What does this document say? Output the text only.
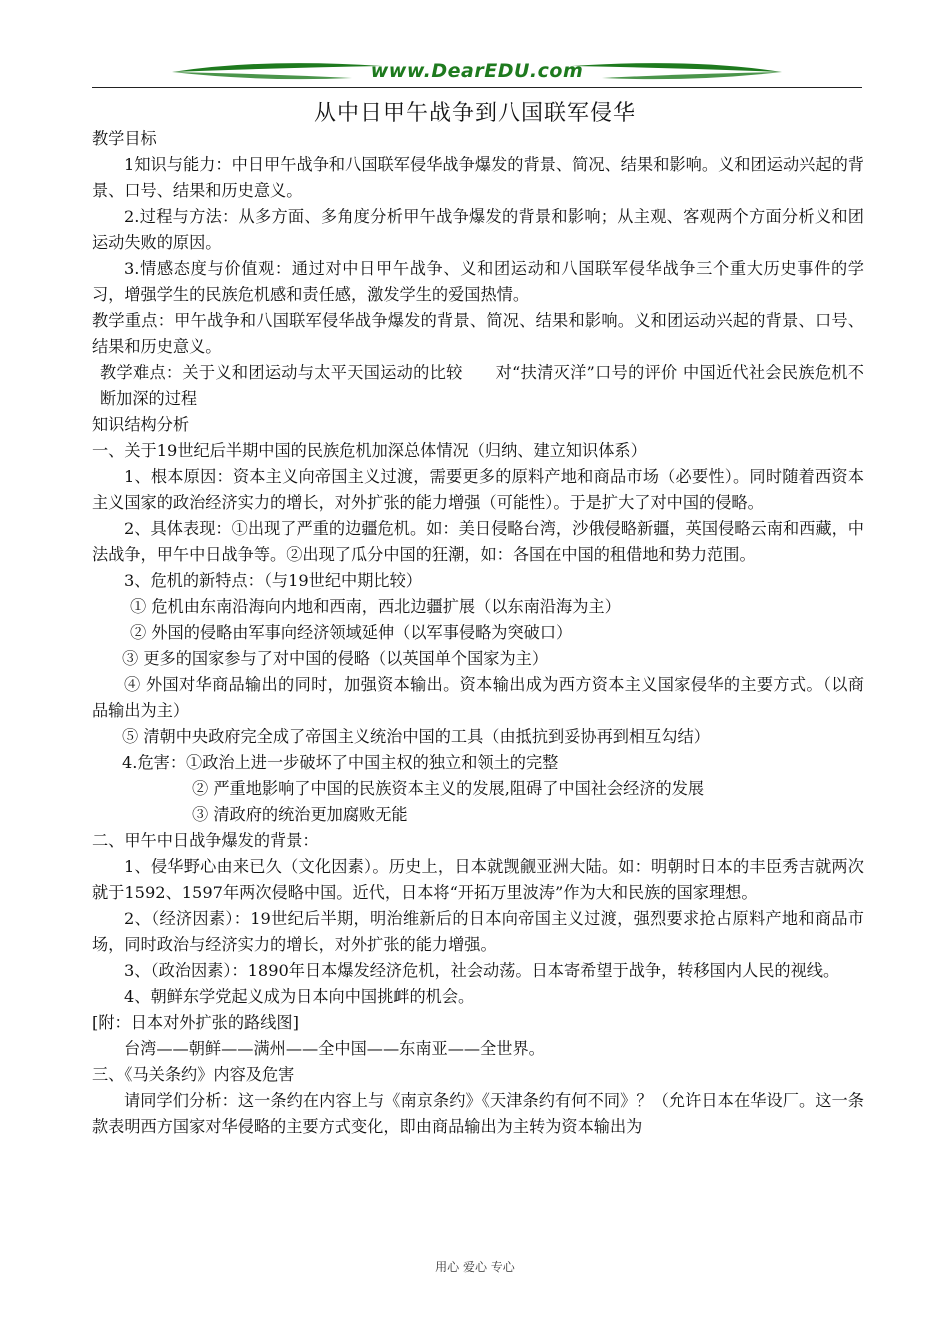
www.DearEDU.com
从中日甲午战争到八国联军侵华

教学目标

1知识与能力：中日甲午战争和八国联军侵华战争爆发的背景、简况、结果和影响。义和团运动兴起的背景、口号、结果和历史意义。

2.过程与方法：从多方面、多角度分析甲午战争爆发的背景和影响；从主观、客观两个方面分析义和团运动失败的原因。

3.情感态度与价值观：通过对中日甲午战争、义和团运动和八国联军侵华战争三个重大历史事件的学习，增强学生的民族危机感和责任感，激发学生的爱国热情。

教学重点：甲午战争和八国联军侵华战争爆发的背景、简况、结果和影响。义和团运动兴起的背景、口号、结果和历史意义。

教学难点：关于义和团运动与太平天国运动的比较　　对“扶清灭洋”口号的评价 中国近代社会民族危机不断加深的过程

知识结构分析

一、关于19世纪后半期中国的民族危机加深总体情况（归纳、建立知识体系）

1、根本原因：资本主义向帝国主义过渡，需要更多的原料产地和商品市场（必要性）。同时随着西资本主义国家的政治经济实力的增长，对外扩张的能力增强（可能性）。于是扩大了对中国的侵略。

2、具体表现：①出现了严重的边疆危机。如：美日侵略台湾，沙俄侵略新疆，英国侵略云南和西藏，中法战争，甲午中日战争等。②出现了瓜分中国的狂潮，如：各国在中国的租借地和势力范围。

3、危机的新特点：（与19世纪中期比较）

① 危机由东南沿海向内地和西南，西北边疆扩展（以东南沿海为主）

② 外国的侵略由军事向经济领域延伸（以军事侵略为突破口）

③ 更多的国家参与了对中国的侵略（以英国单个国家为主）

④ 外国对华商品输出的同时，加强资本输出。资本输出成为西方资本主义国家侵华的主要方式。（以商品输出为主）

⑤ 清朝中央政府完全成了帝国主义统治中国的工具（由抵抗到妥协再到相互勾结）

4.危害：①政治上进一步破坏了中国主权的独立和领土的完整

② 严重地影响了中国的民族资本主义的发展,阻碍了中国社会经济的发展

③ 清政府的统治更加腐败无能

二、甲午中日战争爆发的背景：

1、侵华野心由来已久（文化因素）。历史上，日本就觊觎亚洲大陆。如：明朝时日本的丰臣秀吉就两次就于1592、1597年两次侵略中国。近代，日本将“开拓万里波涛”作为大和民族的国家理想。

2、（经济因素）：19世纪后半期，明治维新后的日本向帝国主义过渡，强烈要求抢占原料产地和商品市场，同时政治与经济实力的增长，对外扩张的能力增强。

3、（政治因素）：1890年日本爆发经济危机，社会动荡。日本寄希望于战争，转移国内人民的视线。

4、朝鲜东学党起义成为日本向中国挑衅的机会。

[附：日本对外扩张的路线图]

台湾——朝鲜——满州——全中国——东南亚——全世界。

三、《马关条约》内容及危害

请同学们分析：这一条约在内容上与《南京条约》《天津条约有何不同》？（允许日本在华设厂。这一条款表明西方国家对华侵略的主要方式变化，即由商品输出为主转为资本输出为

用心 爱心 专心
